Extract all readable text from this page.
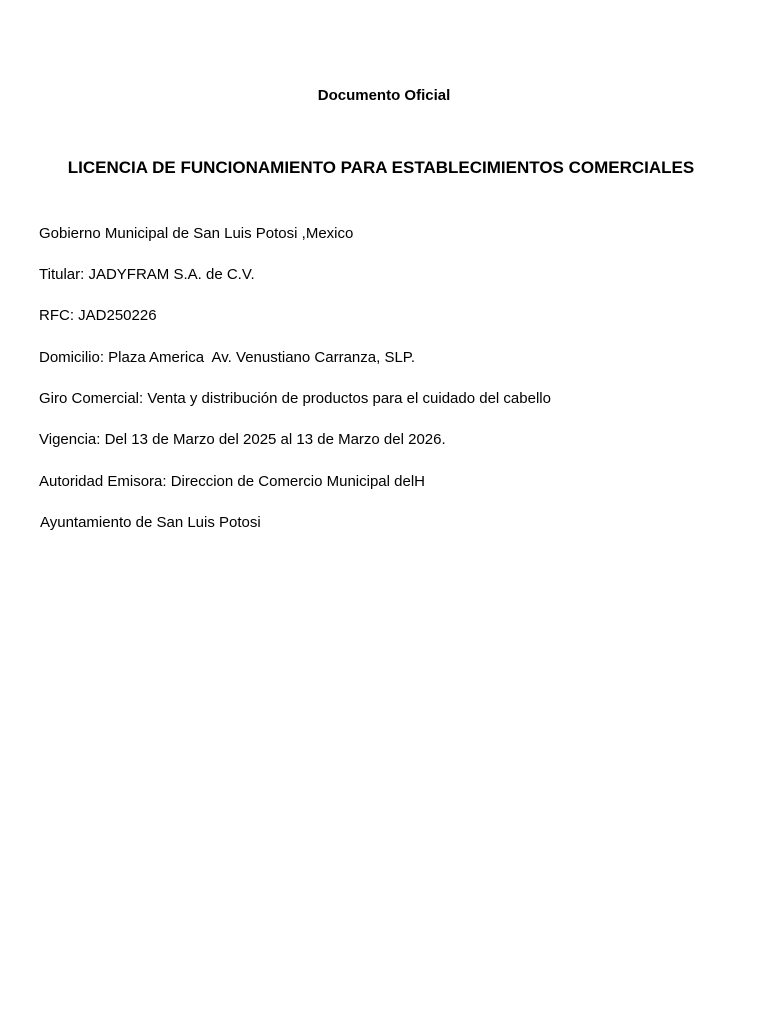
Documento Oficial
LICENCIA DE FUNCIONAMIENTO PARA ESTABLECIMIENTOS COMERCIALES
Gobierno Municipal de San Luis Potosi ,Mexico
Titular: JADYFRAM S.A. de C.V.
RFC: JAD250226
Domicilio: Plaza America  Av. Venustiano Carranza, SLP.
Giro Comercial: Venta y distribución de productos para el cuidado del cabello
Vigencia: Del 13 de Marzo del 2025 al 13 de Marzo del 2026.
Autoridad Emisora: Direccion de Comercio Municipal delH
Ayuntamiento de San Luis Potosi
